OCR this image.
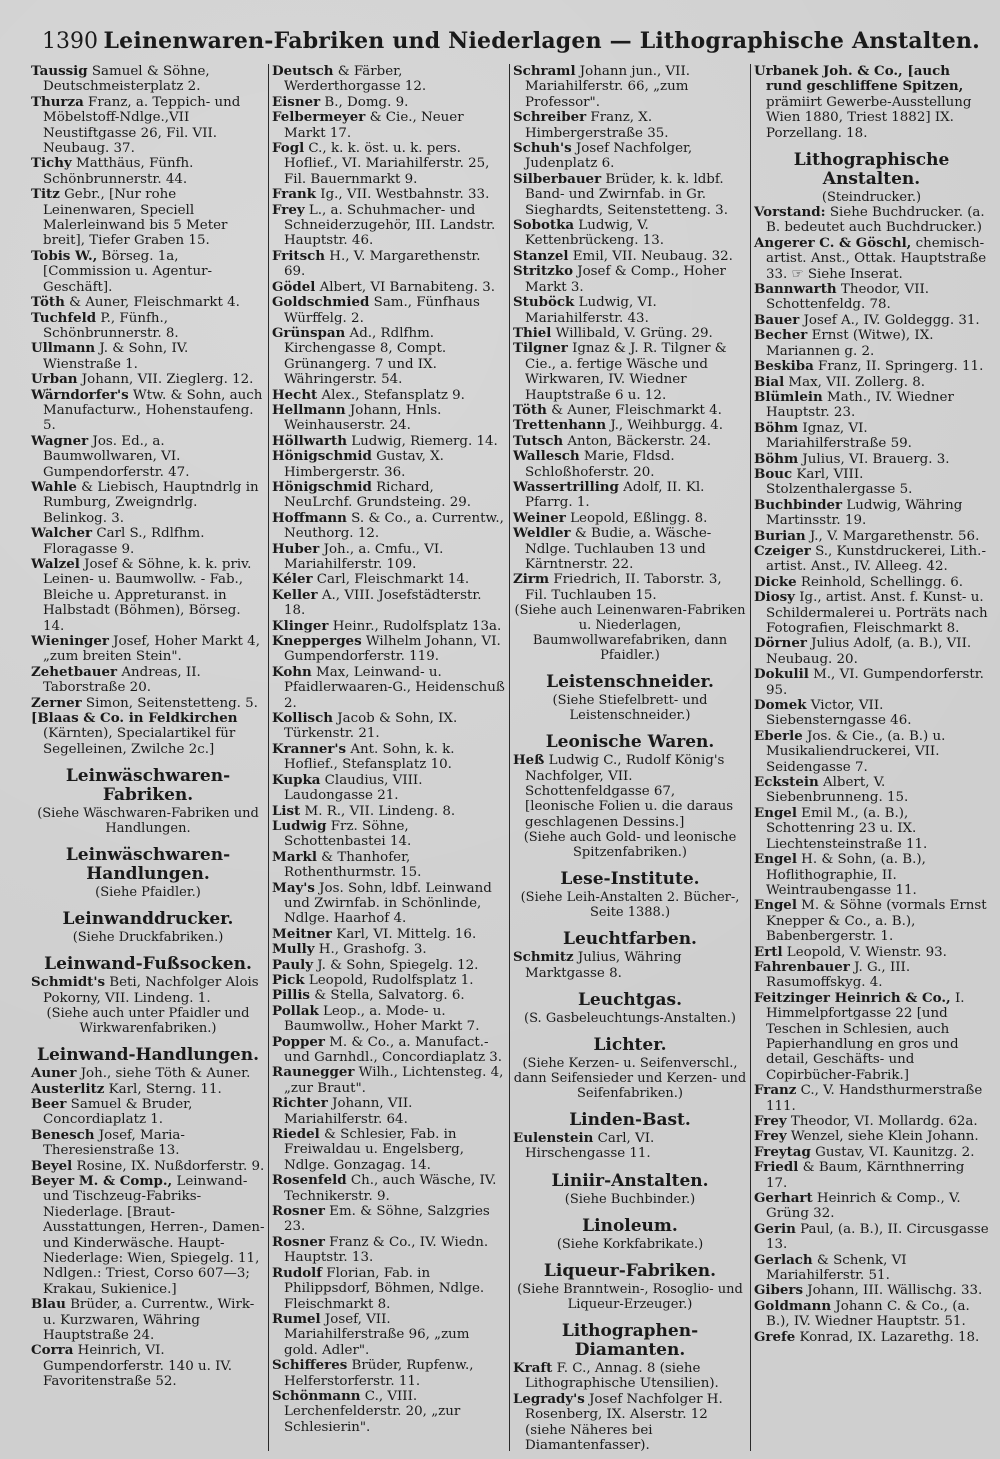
1390 Leinenwaren-Fabriken und Niederlagen — Lithographische Anstalten.
Taussig Samuel & Söhne, Deutschmeisterplatz 2.
Thurza Franz, a. Teppich- und Möbelstoff-Ndlge.,VII Neustiftgasse 26, Fil. VII. Neubaug. 37.
Tichy Matthäus, Fünfh. Schönbrunnerstr. 44.
Titz Gebr., [Nur rohe Leinenwaren, Speciell Malerleinwand bis 5 Meter breit], Tiefer Graben 15.
Tobis W., Börseg. 1a, [Commission u. Agentur-Geschäft].
Töth & Auner, Fleischmarkt 4.
Tuchfeld P., Fünfh., Schönbrunnerstr. 8.
Ullmann J. & Sohn, IV. Wienstraße 1.
Urban Johann, VII. Zieglerg. 12.
Wärndorfer's Wtw. & Sohn, auch Manufacturw., Hohenstaufeng. 5.
Wagner Jos. Ed., a. Baumwollwaren, VI. Gumpendorferstr. 47.
Wahle & Liebisch, Hauptndrlg in Rumburg, Zweigndrlg. Belinkog. 3.
Walcher Carl S., Rdlfhm. Floragasse 9.
Walzel Josef & Söhne, k. k. priv. Leinen- u. Baumwollw. - Fab., Bleiche u. Appreturanst. in Halbstadt (Böhmen), Börseg. 14.
Wieninger Josef, Hoher Markt 4, „zum breiten Stein".
Zehetbauer Andreas, II. Taborstraße 20.
Zerner Simon, Seitenstetteng. 5.
[Blaas & Co. in Feldkirchen (Kärnten), Specialartikel für Segelleinen, Zwilche 2c.]
Leinwäschwaren-Fabriken.
(Siehe Wäschwaren-Fabriken und Handlungen.
Leinwäschwaren-Handlungen.
(Siehe Pfaidler.)
Leinwanddrucker.
(Siehe Druckfabriken.)
Leinwand-Fußsocken.
Schmidt's Beti, Nachfolger Alois Pokorny, VII. Lindeng. 1.
(Siehe auch unter Pfaidler und Wirkwarenfabriken.)
Leinwand-Handlungen.
Auner Joh., siehe Töth & Auner.
Austerlitz Karl, Sterng. 11.
Beer Samuel & Bruder, Concordiaplatz 1.
Benesch Josef, Maria-Theresienstraße 13.
Beyel Rosine, IX. Nußdorferstr. 9.
Beyer M. & Comp., Leinwand- und Tischzeug-Fabriks-Niederlage. [Braut-Ausstattungen, Herren-, Damen- und Kinderwäsche. Haupt-Niederlage: Wien, Spiegelg. 11, Ndlgen.: Triest, Corso 607—3; Krakau, Sukienice.]
Blau Brüder, a. Currentw., Wirk- u. Kurzwaren, Währing Hauptstraße 24.
Corra Heinrich, VI. Gumpendorferstr. 140 u. IV. Favoritenstraße 52.
Deutsch & Färber, Werderthorgasse 12.
Eisner B., Domg. 9.
Felbermeyer & Cie., Neuer Markt 17.
Fogl C., k. k. öst. u. k. pers. Hoflief., VI. Mariahilferstr. 25, Fil. Bauernmarkt 9.
Frank Ig., VII. Westbahnstr. 33.
Frey L., a. Schuhmacher- und Schneiderzugehör, III. Landstr. Hauptstr. 46.
Fritsch H., V. Margarethenstr. 69.
Gödel Albert, VI Barnabiteng. 3.
Goldschmied Sam., Fünfhaus Würffelg. 2.
Grünspan Ad., Rdlfhm. Kirchengasse 8, Compt. Grünangerg. 7 und IX. Währingerstr. 54.
Hecht Alex., Stefansplatz 9.
Hellmann Johann, Hnls. Weinhauserstr. 24.
Höllwarth Ludwig, Riemerg. 14.
Hönigschmid Gustav, X. Himbergerstr. 36.
Hönigschmid Richard, NeuLrchf. Grundsteing. 29.
Hoffmann S. & Co., a. Currentw., Neuthorg. 12.
Huber Joh., a. Cmfu., VI. Mariahilferstr. 109.
Kéler Carl, Fleischmarkt 14.
Keller A., VIII. Josefstädterstr. 18.
Klinger Heinr., Rudolfsplatz 13a.
Knepperges Wilhelm Johann, VI. Gumpendorferstr. 119.
Kohn Max, Leinwand- u. Pfaidlerwaaren-G., Heidenschuß 2.
Kollisch Jacob & Sohn, IX. Türkenstr. 21.
Kranner's Ant. Sohn, k. k. Hoflief., Stefansplatz 10.
Kupka Claudius, VIII. Laudongasse 21.
List M. R., VII. Lindeng. 8.
Ludwig Frz. Söhne, Schottenbastei 14.
Markl & Thanhofer, Rothenthurmstr. 15.
May's Jos. Sohn, ldbf. Leinwand und Zwirnfab. in Schönlinde, Ndlge. Haarhof 4.
Meitner Karl, VI. Mittelg. 16.
Mully H., Grashofg. 3.
Pauly J. & Sohn, Spiegelg. 12.
Pick Leopold, Rudolfsplatz 1.
Pillis & Stella, Salvatorg. 6.
Pollak Leop., a. Mode- u. Baumwollw., Hoher Markt 7.
Popper M. & Co., a. Manufact.- und Garnhdl., Concordiaplatz 3.
Raunegger Wilh., Lichtensteg. 4, „zur Braut".
Richter Johann, VII. Mariahilferstr. 64.
Riedel & Schlesier, Fab. in Freiwaldau u. Engelsberg, Ndlge. Gonzagag. 14.
Rosenfeld Ch., auch Wäsche, IV. Technikerstr. 9.
Rosner Em. & Söhne, Salzgries 23.
Rosner Franz & Co., IV. Wiedn. Hauptstr. 13.
Rudolf Florian, Fab. in Philippsdorf, Böhmen, Ndlge. Fleischmarkt 8.
Rumel Josef, VII. Mariahilferstraße 96, „zum gold. Adler".
Schifferes Brüder, Rupfenw., Helferstorferstr. 11.
Schönmann C., VIII. Lerchenfelderstr. 20, „zur Schlesierin".
Schraml Johann jun., VII. Mariahilferstr. 66, „zum Professor".
Schreiber Franz, X. Himbergerstraße 35.
Schuh's Josef Nachfolger, Judenplatz 6.
Silberbauer Brüder, k. k. ldbf. Band- und Zwirnfab. in Gr. Sieghardts, Seitenstetteng. 3.
Sobotka Ludwig, V. Kettenbrückeng. 13.
Stanzel Emil, VII. Neubaug. 32.
Stritzko Josef & Comp., Hoher Markt 3.
Stuböck Ludwig, VI. Mariahilferstr. 43.
Thiel Willibald, V. Grüng. 29.
Tilgner Ignaz & J. R. Tilgner & Cie., a. fertige Wäsche und Wirkwaren, IV. Wiedner Hauptstraße 6 u. 12.
Töth & Auner, Fleischmarkt 4.
Trettenhann J., Weihburgg. 4.
Tutsch Anton, Bäckerstr. 24.
Wallesch Marie, Fldsd. Schloßhoferstr. 20.
Wassertrilling Adolf, II. Kl. Pfarrg. 1.
Weiner Leopold, Eßlingg. 8.
Weldler & Budie, a. Wäsche-Ndlge. Tuchlauben 13 und Kärntnerstr. 22.
Zirm Friedrich, II. Taborstr. 3, Fil. Tuchlauben 15.
(Siehe auch Leinenwaren-Fabriken u. Niederlagen, Baumwollwarefabriken, dann Pfaidler.)
Leistenschneider.
(Siehe Stiefelbrett- und Leistenschneider.)
Leonische Waren.
Heß Ludwig C., Rudolf König's Nachfolger, VII. Schottenfeldgasse 67, [leonische Folien u. die daraus geschlagenen Dessins.]
(Siehe auch Gold- und leonische Spitzenfabriken.)
Lese-Institute.
(Siehe Leih-Anstalten 2. Bücher-, Seite 1388.)
Leuchtfarben.
Schmitz Julius, Währing Marktgasse 8.
Leuchtgas.
(S. Gasbeleuchtungs-Anstalten.)
Lichter.
(Siehe Kerzen- u. Seifenverschl., dann Seifensieder und Kerzen- und Seifenfabriken.)
Linden-Bast.
Eulenstein Carl, VI. Hirschengasse 11.
Liniir-Anstalten.
(Siehe Buchbinder.)
Linoleum.
(Siehe Korkfabrikate.)
Liqueur-Fabriken.
(Siehe Branntwein-, Rosoglio- und Liqueur-Erzeuger.)
Lithographen-Diamanten.
Kraft F. C., Annag. 8 (siehe Lithographische Utensilien).
Legrady's Josef Nachfolger H. Rosenberg, IX. Alserstr. 12 (siehe Näheres bei Diamantenfasser).
Urbanek Joh. & Co., [auch rund geschliffene Spitzen, prämiirt Gewerbe-Ausstellung Wien 1880, Triest 1882] IX. Porzellang. 18.
Lithographische Anstalten.
(Steindrucker.)
Vorstand: Siehe Buchdrucker. (a. B. bedeutet auch Buchdrucker.)
Angerer C. & Göschl, chemisch-artist. Anst., Ottak. Hauptstraße 33. ☞ Siehe Inserat.
Bannwarth Theodor, VII. Schottenfeldg. 78.
Bauer Josef A., IV. Goldeggg. 31.
Becher Ernst (Witwe), IX. Mariannen g. 2.
Beskiba Franz, II. Springerg. 11.
Bial Max, VII. Zollerg. 8.
Blümlein Math., IV. Wiedner Hauptstr. 23.
Böhm Ignaz, VI. Mariahilferstraße 59.
Böhm Julius, VI. Brauerg. 3.
Bouc Karl, VIII. Stolzenthalergasse 5.
Buchbinder Ludwig, Währing Martinsstr. 19.
Burian J., V. Margarethenstr. 56.
Czeiger S., Kunstdruckerei, Lith.-artist. Anst., IV. Alleeg. 42.
Dicke Reinhold, Schellingg. 6.
Diosy Ig., artist. Anst. f. Kunst- u. Schildermalerei u. Porträts nach Fotografien, Fleischmarkt 8.
Dörner Julius Adolf, (a. B.), VII. Neubaug. 20.
Dokulil M., VI. Gumpendorferstr. 95.
Domek Victor, VII. Siebensterngasse 46.
Eberle Jos. & Cie., (a. B.) u. Musikaliendruckerei, VII. Seidengasse 7.
Eckstein Albert, V. Siebenbrunneng. 15.
Engel Emil M., (a. B.), Schottenring 23 u. IX. Liechtensteinstraße 11.
Engel H. & Sohn, (a. B.), Hoflithographie, II. Weintraubengasse 11.
Engel M. & Söhne (vormals Ernst Knepper & Co., a. B.), Babenbergerstr. 1.
Ertl Leopold, V. Wienstr. 93.
Fahrenbauer J. G., III. Rasumoffskyg. 4.
Feitzinger Heinrich & Co., I. Himmelpfortgasse 22 [und Teschen in Schlesien, auch Papierhandlung en gros und detail, Geschäfts- und Copirbücher-Fabrik.]
Franz C., V. Handsthurmerstraße 111.
Frey Theodor, VI. Mollardg. 62a.
Frey Wenzel, siehe Klein Johann.
Freytag Gustav, VI. Kaunitzg. 2.
Friedl & Baum, Kärnthnerring 17.
Gerhart Heinrich & Comp., V. Grüng 32.
Gerin Paul, (a. B.), II. Circusgasse 13.
Gerlach & Schenk, VI Mariahilferstr. 51.
Gibers Johann, III. Wällischg. 33.
Goldmann Johann C. & Co., (a. B.), IV. Wiedner Hauptstr. 51.
Grefe Konrad, IX. Lazarethg. 18.
